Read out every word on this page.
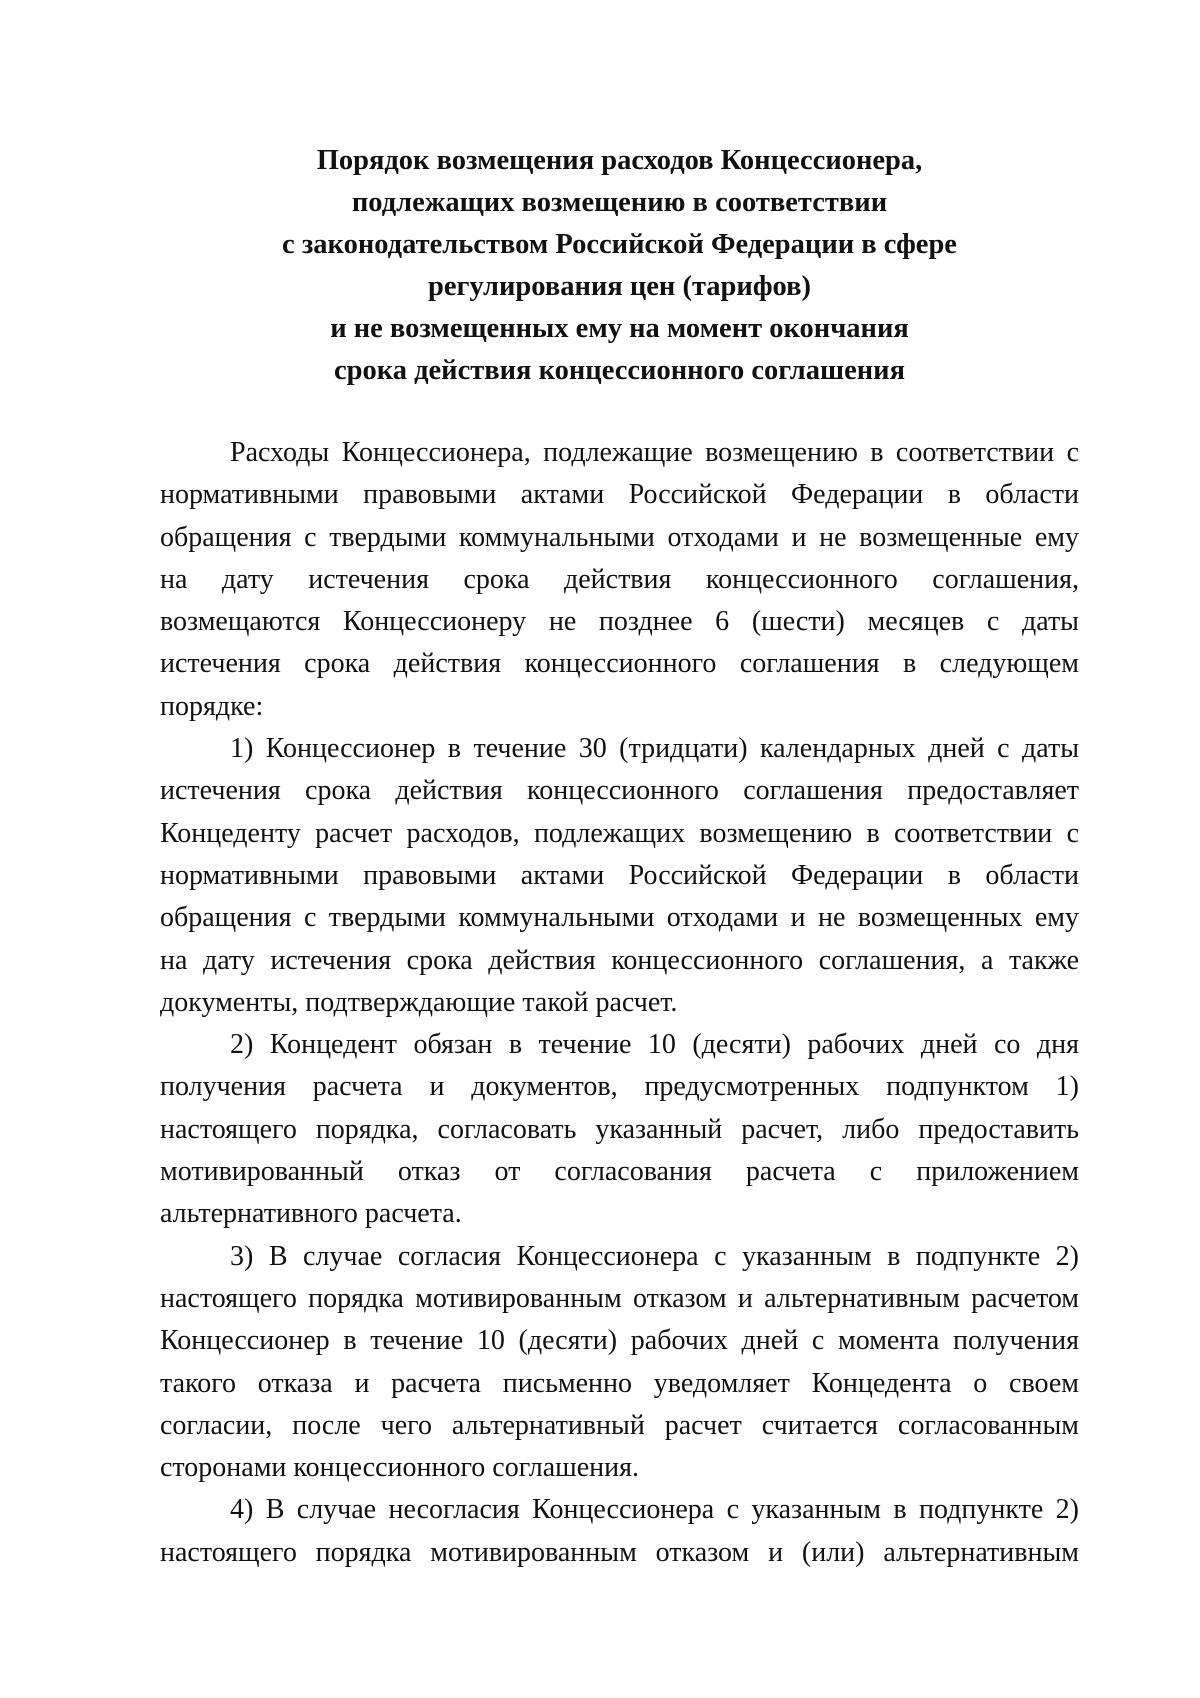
Порядок возмещения расходов Концессионера,
подлежащих возмещению в соответствии
с законодательством Российской Федерации в сфере
регулирования цен (тарифов)
и не возмещенных ему на момент окончания
срока действия концессионного соглашения

Расходы Концессионера, подлежащие возмещению в соответствии с
нормативными правовыми актами Российской Федерации в области
обращения с твердыми коммунальными отходами и не возмещенные ему
на дату истечения срока действия концессионного соглашения,
возмещаются Концессионеру не позднее 6 (шести) месяцев с даты
истечения срока действия концессионного соглашения в следующем
порядке:

1) Концессионер в течение 30 (тридцати) календарных дней с даты
истечения срока действия концессионного соглашения предоставляет
Концеденту расчет расходов, подлежащих возмещению в соответствии с
нормативными правовыми актами Российской Федерации в области
обращения с твердыми коммунальными отходами и не возмещенных ему
на дату истечения срока действия концессионного соглашения, а также
документы, подтверждающие такой расчет.

2) Концедент обязан в течение 10 (десяти) рабочих дней со дня
получения расчета и документов, предусмотренных подпунктом 1)
настоящего порядка, согласовать указанный расчет, либо предоставить
мотивированный отказ от согласования расчета с приложением
альтернативного расчета.

3) В случае согласия Концессионера с указанным в подпункте 2)
настоящего порядка мотивированным отказом и альтернативным расчетом
Концессионер в течение 10 (десяти) рабочих дней с момента получения
такого отказа и расчета письменно уведомляет Концедента о своем
согласии, после чего альтернативный расчет считается согласованным
сторонами концессионного соглашения.

4) В случае несогласия Концессионера с указанным в подпункте 2)
настоящего порядка мотивированным отказом и (или) альтернативным
